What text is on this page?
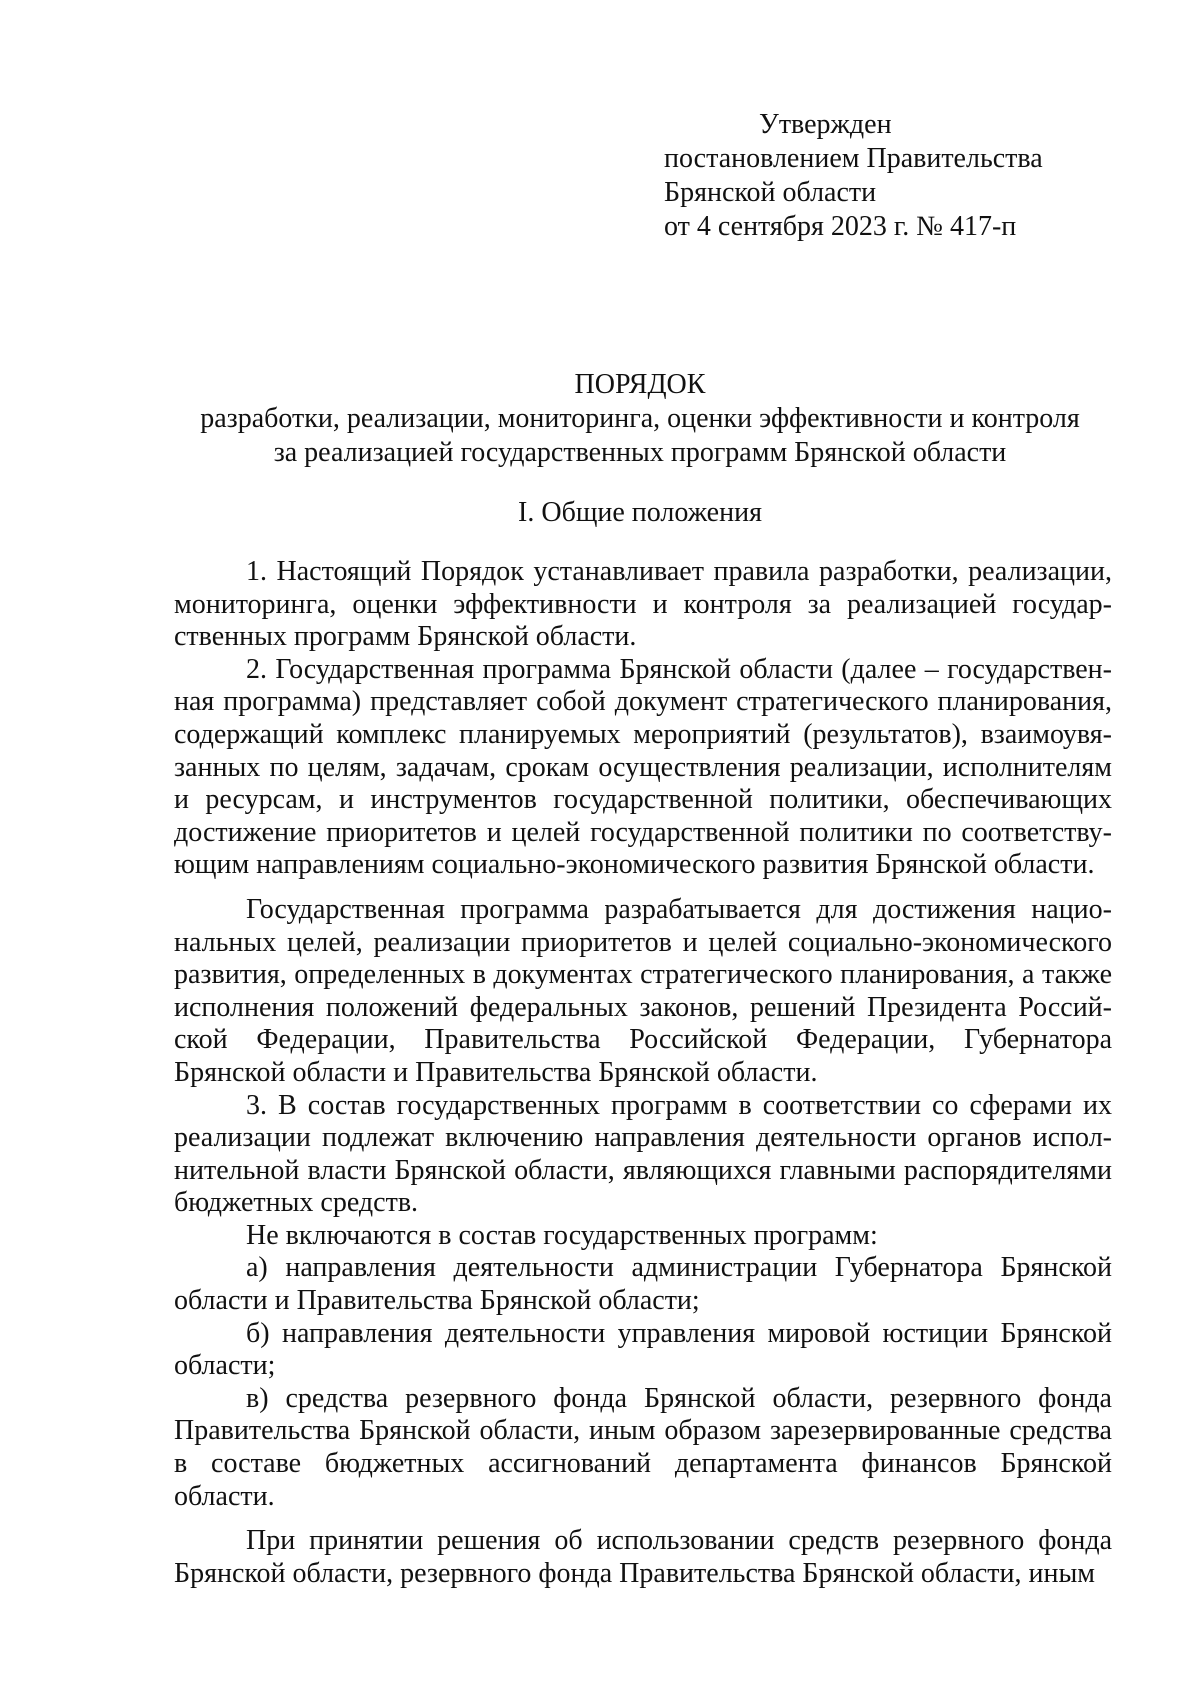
Утвержден
постановлением Правительства
Брянской области
от 4 сентября 2023 г. № 417-п
ПОРЯДОК
разработки, реализации, мониторинга, оценки эффективности и контроля
за реализацией государственных программ Брянской области
I. Общие положения

1. Настоящий Порядок устанавливает правила разработки, реализации, мониторинга, оценки эффективности и контроля за реализацией государственных программ Брянской области.

2. Государственная программа Брянской области (далее – государственная программа) представляет собой документ стратегического планирования, содержащий комплекс планируемых мероприятий (результатов), взаимоувязанных по целям, задачам, срокам осуществления реализации, исполнителям и ресурсам, и инструментов государственной политики, обеспечивающих достижение приоритетов и целей государственной политики по соответствующим направлениям социально-экономического развития Брянской области.

Государственная программа разрабатывается для достижения национальных целей, реализации приоритетов и целей социально-экономического развития, определенных в документах стратегического планирования, а также исполнения положений федеральных законов, решений Президента Российской Федерации, Правительства Российской Федерации, Губернатора Брянской области и Правительства Брянской области.

3. В состав государственных программ в соответствии со сферами их реализации подлежат включению направления деятельности органов исполнительной власти Брянской области, являющихся главными распорядителями бюджетных средств.

Не включаются в состав государственных программ:

а) направления деятельности администрации Губернатора Брянской области и Правительства Брянской области;

б) направления деятельности управления мировой юстиции Брянской области;

в) средства резервного фонда Брянской области, резервного фонда Правительства Брянской области, иным образом зарезервированные средства в составе бюджетных ассигнований департамента финансов Брянской области.

При принятии решения об использовании средств резервного фонда Брянской области, резервного фонда Правительства Брянской области, иным
